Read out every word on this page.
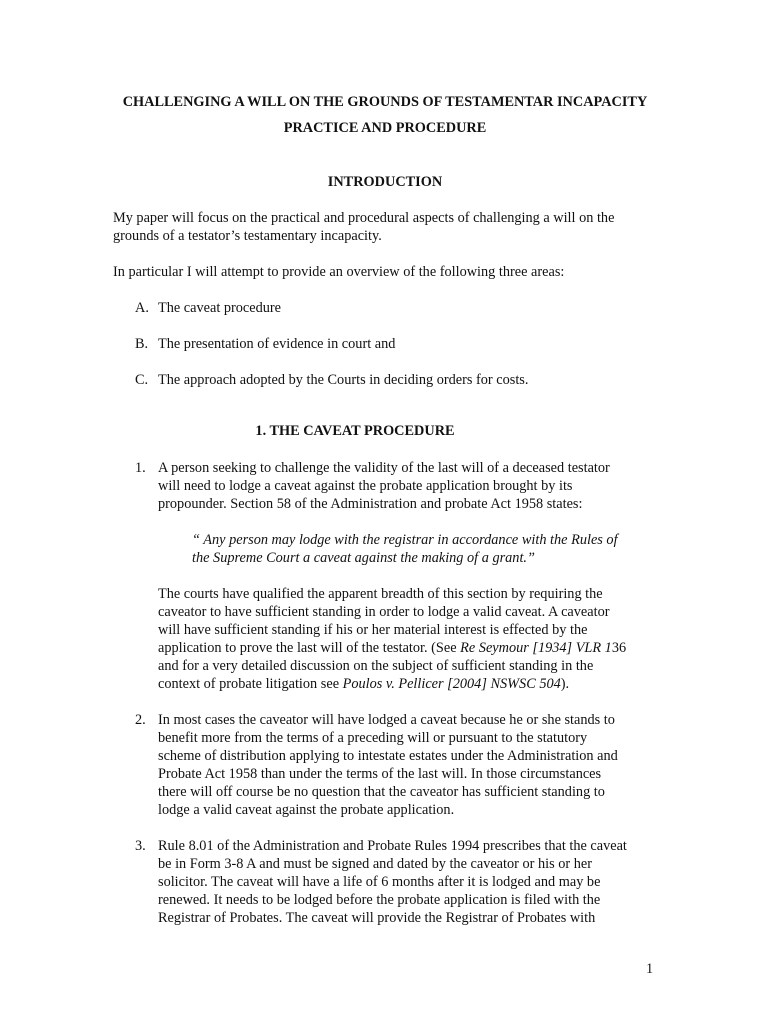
CHALLENGING A WILL ON THE GROUNDS OF TESTAMENTAR INCAPACITY
PRACTICE AND PROCEDURE
INTRODUCTION
My paper will focus on the practical and procedural aspects of challenging a will on the
grounds of a testator’s testamentary incapacity.
In particular I will attempt to provide an overview of the following three areas:
A. The caveat procedure
B. The presentation of evidence in court and
C. The approach adopted by the Courts in deciding orders for costs.
1. THE CAVEAT PROCEDURE
1. A person seeking to challenge the validity of the last will of a deceased testator
will need to lodge a caveat against the probate application brought by its
propounder. Section 58 of the Administration and probate Act 1958 states:
“ Any person may lodge with the registrar in accordance with the Rules of
the Supreme Court a caveat against the making of a grant.”
The courts have qualified the apparent breadth of this section by requiring the
caveator to have sufficient standing in order to lodge a valid caveat. A caveator
will have sufficient standing if his or her material interest is effected by the
application to prove the last will of the testator. (See Re Seymour [1934] VLR 136
and for a very detailed discussion on the subject of sufficient standing in the
context of probate litigation see Poulos v. Pellicer [2004] NSWSC 504).
2. In most cases the caveator will have lodged a caveat because he or she stands to
benefit more from the terms of a preceding will or pursuant to the statutory
scheme of distribution applying to intestate estates under the Administration and
Probate Act 1958 than under the terms of the last will. In those circumstances
there will off course be no question that the caveator has sufficient standing to
lodge a valid caveat against the probate application.
3. Rule 8.01 of the Administration and Probate Rules 1994 prescribes that the caveat
be in Form 3-8 A and must be signed and dated by the caveator or his or her
solicitor. The caveat will have a life of 6 months after it is lodged and may be
renewed. It needs to be lodged before the probate application is filed with the
Registrar of Probates. The caveat will provide the Registrar of Probates with
1
